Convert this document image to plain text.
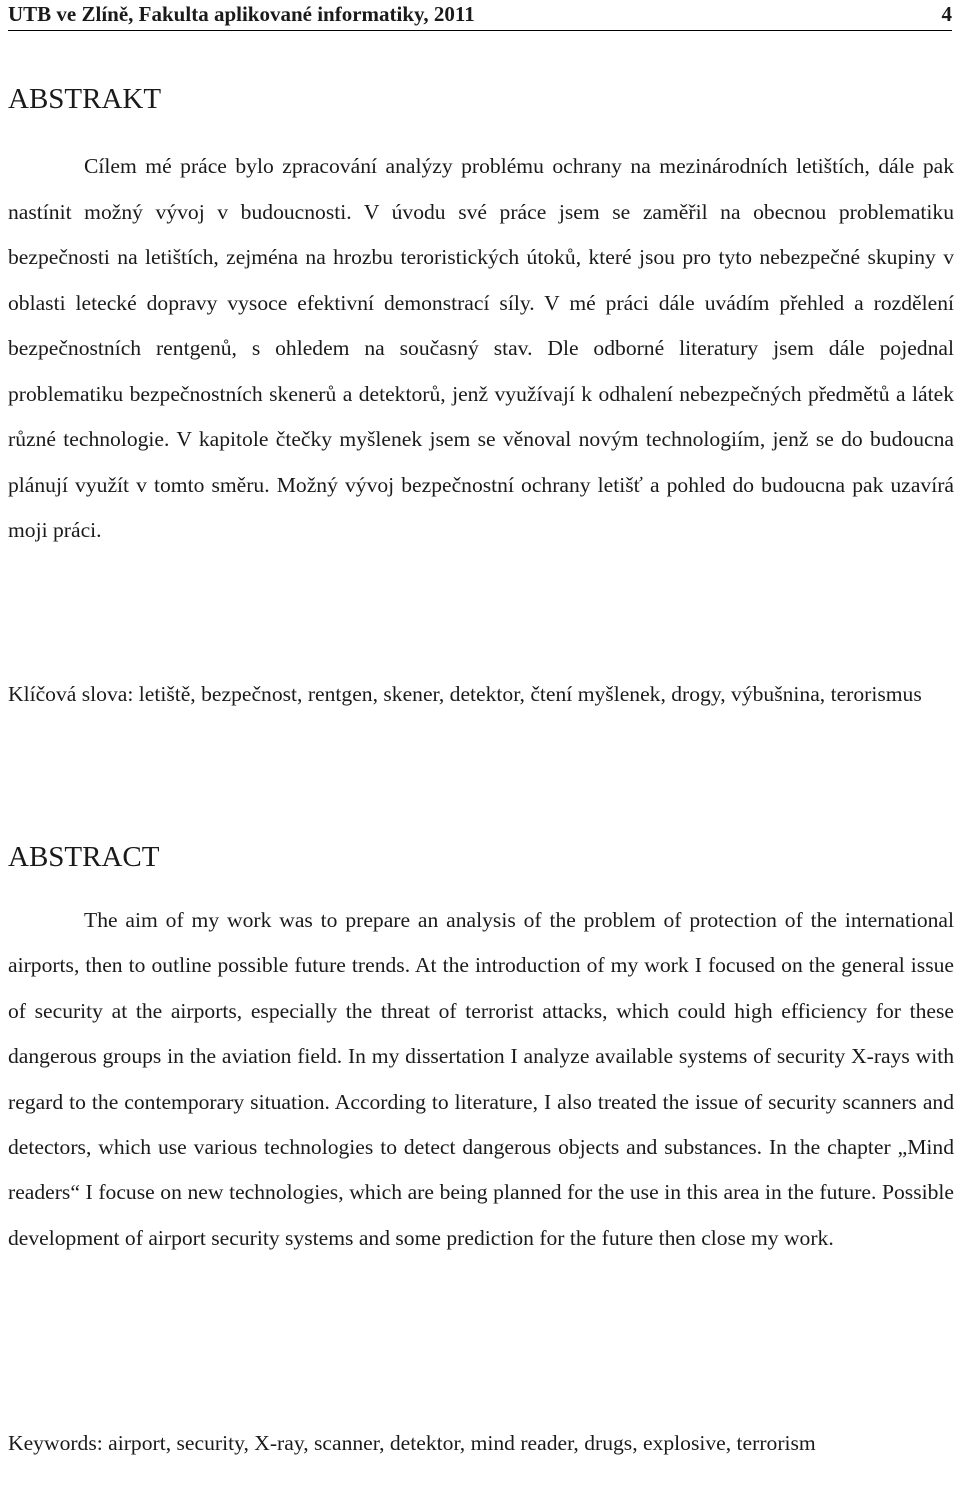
UTB ve Zlíně, Fakulta aplikované informatiky, 2011	4
ABSTRAKT

Cílem mé práce bylo zpracování analýzy problému ochrany na mezinárodních letištích, dále pak nastínit možný vývoj v budoucnosti. V úvodu své práce jsem se zaměřil na obecnou problematiku bezpečnosti na letištích, zejména na hrozbu teroristických útoků, které jsou pro tyto nebezpečné skupiny v oblasti letecké dopravy vysoce efektivní demonstrací síly. V mé práci dále uvádím přehled a rozdělení bezpečnostních rentgenů, s ohledem na současný stav. Dle odborné literatury jsem dále pojednal problematiku bezpečnostních skenerů a detektorů, jenž využívají k odhalení nebezpečných předmětů a látek různé technologie. V kapitole čtečky myšlenek jsem se věnoval novým technologiím, jenž se do budoucna plánují využít v tomto směru. Možný vývoj bezpečnostní ochrany letišť a pohled do budoucna pak uzavírá moji práci.

Klíčová slova: letiště, bezpečnost, rentgen, skener, detektor, čtení myšlenek, drogy, výbušnina, terorismus
ABSTRACT

The aim of my work was to prepare an analysis of the problem of protection of the international airports, then to outline possible future trends. At the introduction of my work I focused on the general issue of security at the airports, especially the threat of terrorist attacks, which could high efficiency for these dangerous groups in the aviation field. In my dissertation I analyze available systems of security X-rays with regard to the contemporary situation. According to literature, I also treated the issue of security scanners and detectors, which use various technologies to detect dangerous objects and substances. In the chapter „Mind readers“ I focuse on new technologies, which are being planned for the use in this area in the future. Possible development of airport security systems and some prediction for the future then close my work.

Keywords: airport, security, X-ray, scanner, detektor, mind reader, drugs, explosive, terrorism
